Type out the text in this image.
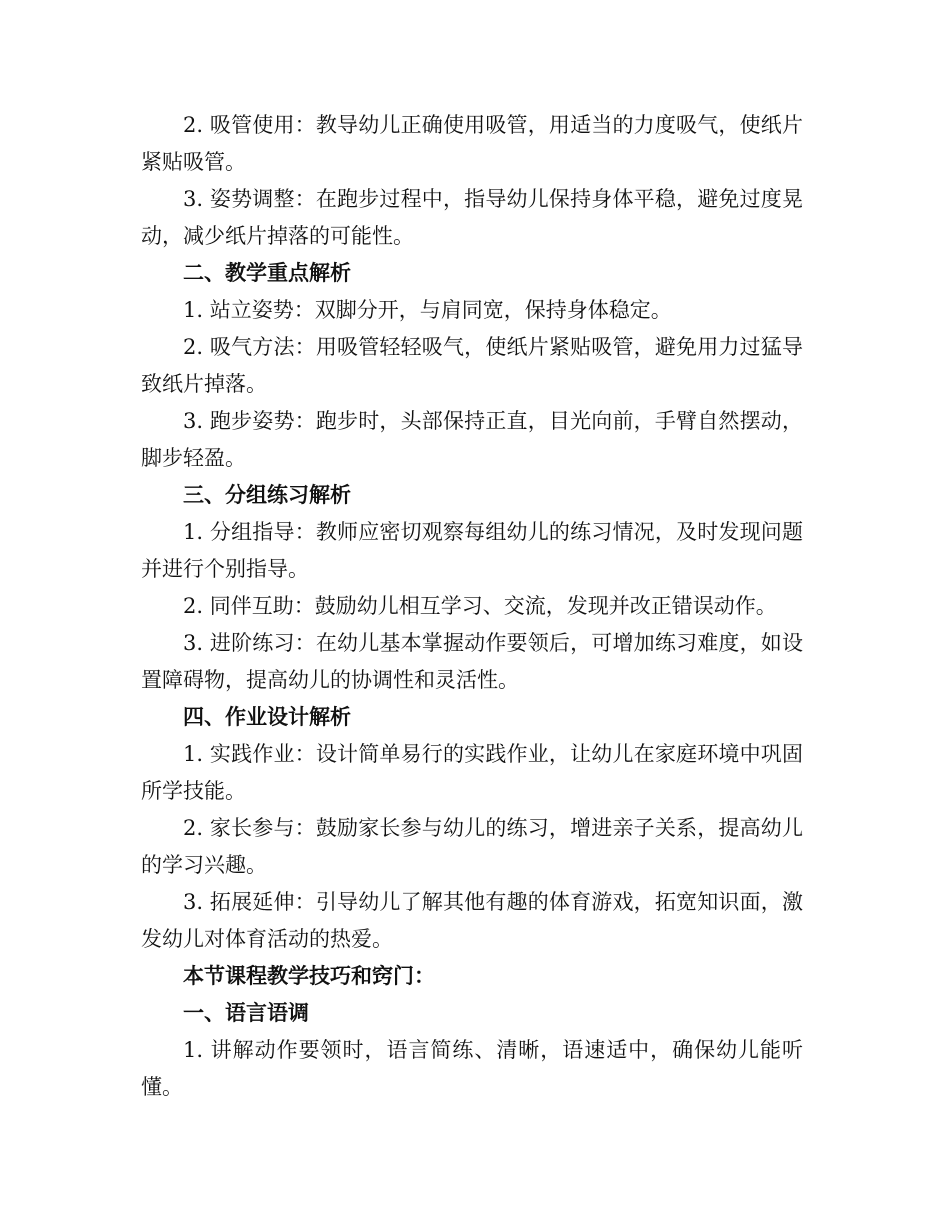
2. 吸管使用：教导幼儿正确使用吸管，用适当的力度吸气，使纸片紧贴吸管。

3. 姿势调整：在跑步过程中，指导幼儿保持身体平稳，避免过度晃动，减少纸片掉落的可能性。

二、教学重点解析

1. 站立姿势：双脚分开，与肩同宽，保持身体稳定。

2. 吸气方法：用吸管轻轻吸气，使纸片紧贴吸管，避免用力过猛导致纸片掉落。

3. 跑步姿势：跑步时，头部保持正直，目光向前，手臂自然摆动，脚步轻盈。

三、分组练习解析

1. 分组指导：教师应密切观察每组幼儿的练习情况，及时发现问题并进行个别指导。

2. 同伴互助：鼓励幼儿相互学习、交流，发现并改正错误动作。

3. 进阶练习：在幼儿基本掌握动作要领后，可增加练习难度，如设置障碍物，提高幼儿的协调性和灵活性。

四、作业设计解析

1. 实践作业：设计简单易行的实践作业，让幼儿在家庭环境中巩固所学技能。

2. 家长参与：鼓励家长参与幼儿的练习，增进亲子关系，提高幼儿的学习兴趣。

3. 拓展延伸：引导幼儿了解其他有趣的体育游戏，拓宽知识面，激发幼儿对体育活动的热爱。

本节课程教学技巧和窍门：

一、语言语调

1. 讲解动作要领时，语言简练、清晰，语速适中，确保幼儿能听懂。
